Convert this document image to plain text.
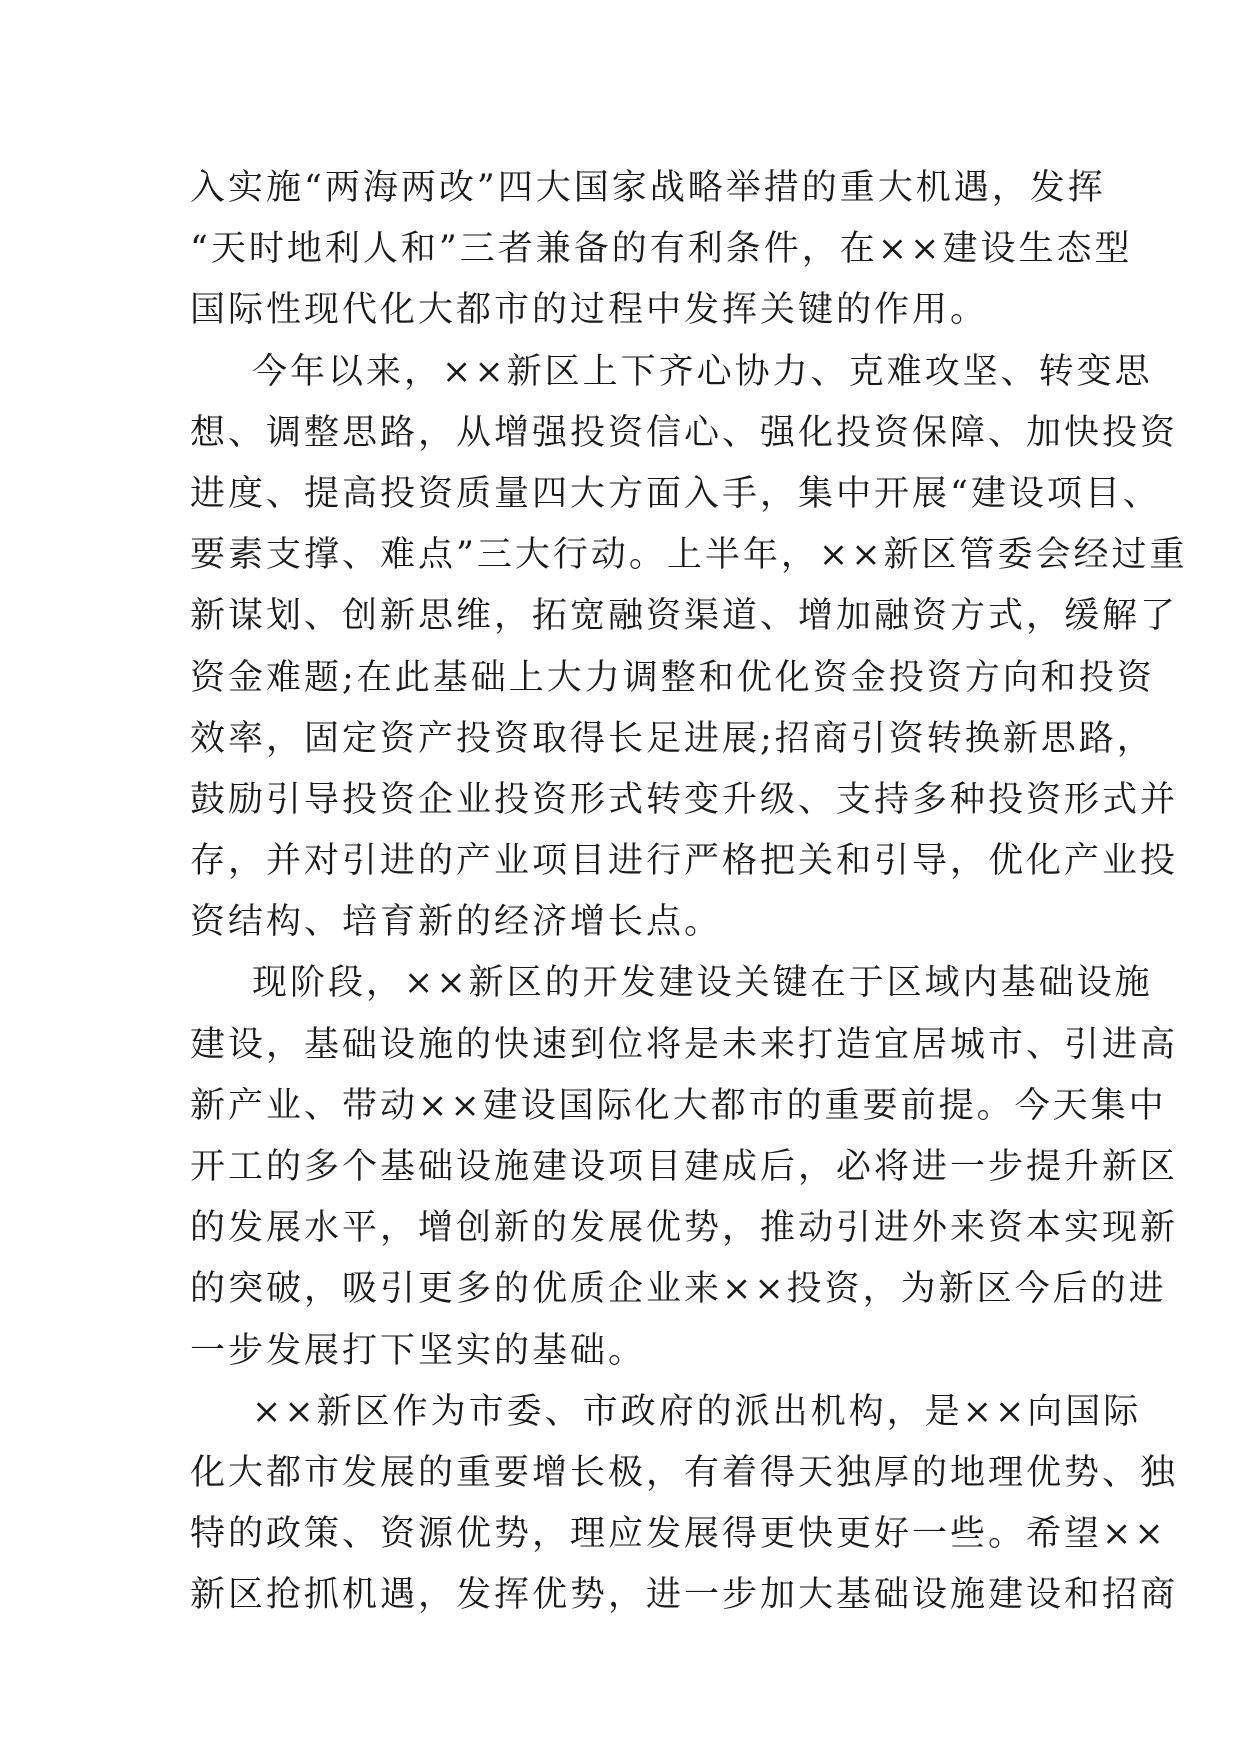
入实施“两海两改”四大国家战略举措的重大机遇，发挥
“天时地利人和”三者兼备的有利条件，在××建设生态型
国际性现代化大都市的过程中发挥关键的作用。
今年以来，××新区上下齐心协力、克难攻坚、转变思
想、调整思路，从增强投资信心、强化投资保障、加快投资
进度、提高投资质量四大方面入手，集中开展“建设项目、
要素支撑、难点”三大行动。上半年，××新区管委会经过重
新谋划、创新思维，拓宽融资渠道、增加融资方式，缓解了
资金难题;在此基础上大力调整和优化资金投资方向和投资
效率，固定资产投资取得长足进展;招商引资转换新思路，
鼓励引导投资企业投资形式转变升级、支持多种投资形式并
存，并对引进的产业项目进行严格把关和引导，优化产业投
资结构、培育新的经济增长点。
现阶段，××新区的开发建设关键在于区域内基础设施
建设，基础设施的快速到位将是未来打造宜居城市、引进高
新产业、带动××建设国际化大都市的重要前提。今天集中
开工的多个基础设施建设项目建成后，必将进一步提升新区
的发展水平，增创新的发展优势，推动引进外来资本实现新
的突破，吸引更多的优质企业来××投资，为新区今后的进
一步发展打下坚实的基础。
××新区作为市委、市政府的派出机构，是××向国际
化大都市发展的重要增长极，有着得天独厚的地理优势、独
特的政策、资源优势，理应发展得更快更好一些。希望××
新区抢抓机遇，发挥优势，进一步加大基础设施建设和招商
